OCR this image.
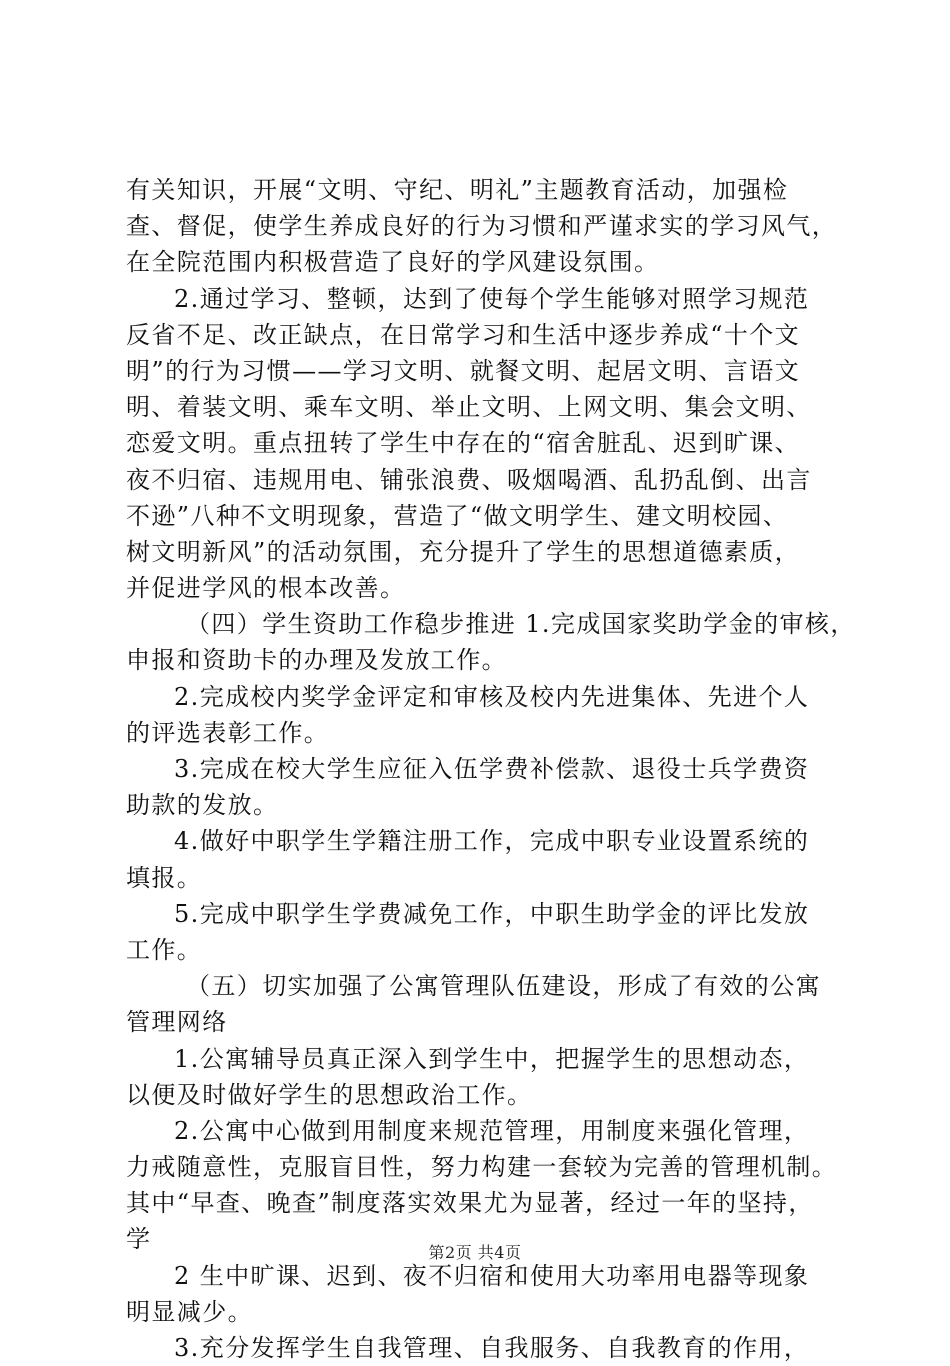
有关知识，开展“文明、守纪、明礼”主题教育活动，加强检
查、督促，使学生养成良好的行为习惯和严谨求实的学习风气，
在全院范围内积极营造了良好的学风建设氛围。
2.通过学习、整顿，达到了使每个学生能够对照学习规范
反省不足、改正缺点，在日常学习和生活中逐步养成“十个文
明”的行为习惯——学习文明、就餐文明、起居文明、言语文
明、着装文明、乘车文明、举止文明、上网文明、集会文明、
恋爱文明。重点扭转了学生中存在的“宿舍脏乱、迟到旷课、
夜不归宿、违规用电、铺张浪费、吸烟喝酒、乱扔乱倒、出言
不逊”八种不文明现象，营造了“做文明学生、建文明校园、
树文明新风”的活动氛围，充分提升了学生的思想道德素质，
并促进学风的根本改善。
（四）学生资助工作稳步推进 1.完成国家奖助学金的审核，
申报和资助卡的办理及发放工作。
2.完成校内奖学金评定和审核及校内先进集体、先进个人
的评选表彰工作。
3.完成在校大学生应征入伍学费补偿款、退役士兵学费资
助款的发放。
4.做好中职学生学籍注册工作，完成中职专业设置系统的
填报。
5.完成中职学生学费减免工作，中职生助学金的评比发放
工作。
（五）切实加强了公寓管理队伍建设，形成了有效的公寓
管理网络
1.公寓辅导员真正深入到学生中，把握学生的思想动态，
以便及时做好学生的思想政治工作。
2.公寓中心做到用制度来规范管理，用制度来强化管理，
力戒随意性，克服盲目性，努力构建一套较为完善的管理机制。
其中“早查、晚查”制度落实效果尤为显著，经过一年的坚持，
学
2 生中旷课、迟到、夜不归宿和使用大功率用电器等现象
明显减少。
3.充分发挥学生自我管理、自我服务、自我教育的作用，
第2页 共4页
